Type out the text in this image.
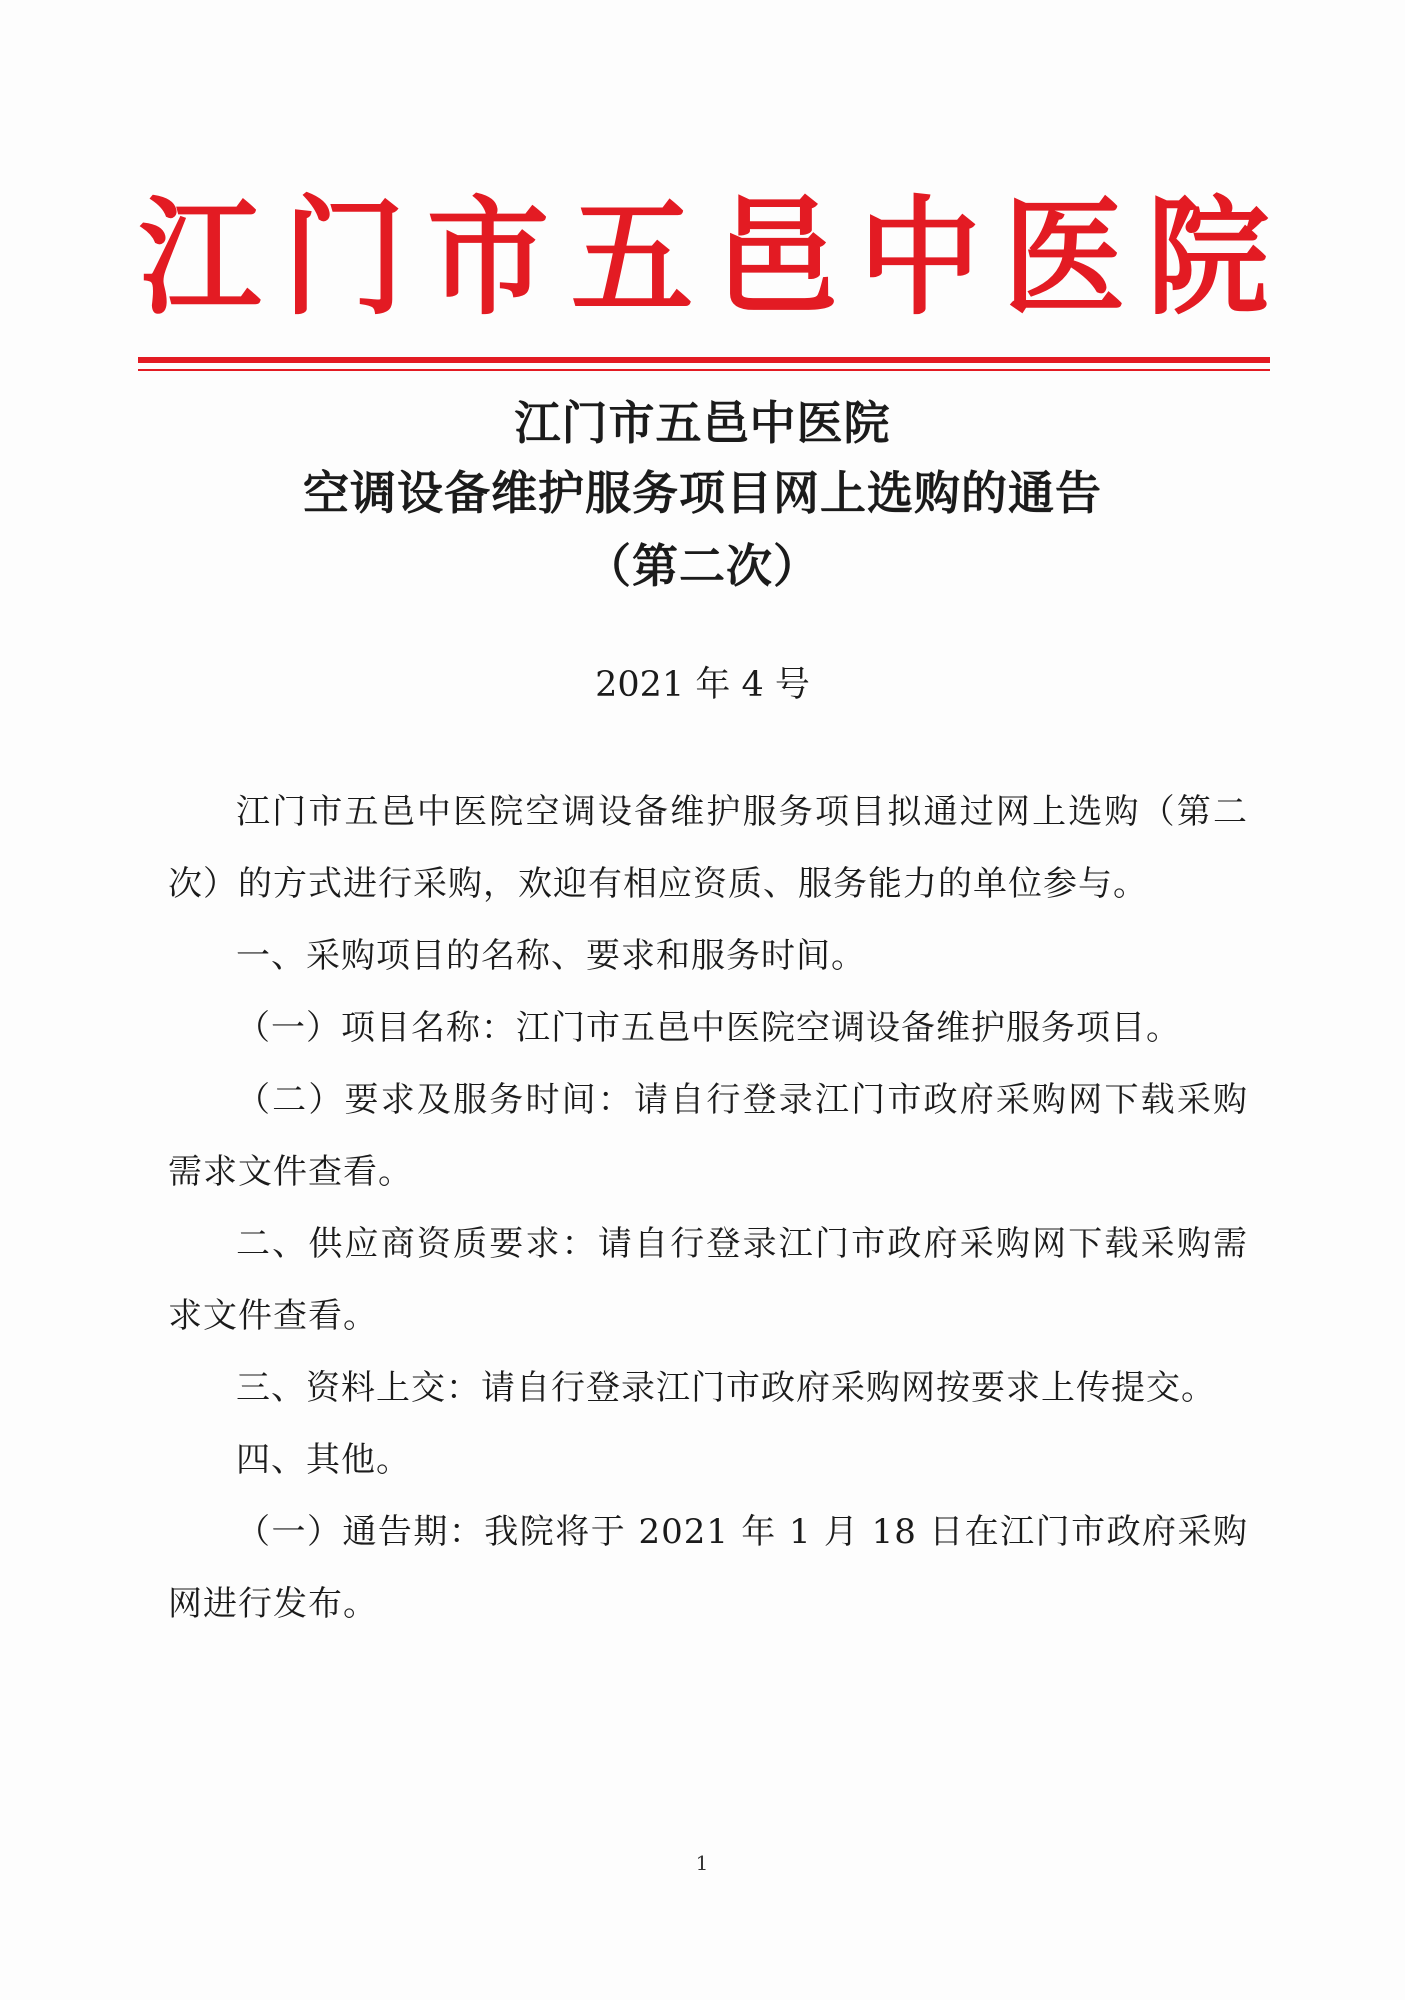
江 门 市 五 邑 中 医 院
江门市五邑中医院
空调设备维护服务项目网上选购的通告
（第二次）
2021 年 4 号

江门市五邑中医院空调设备维护服务项目拟通过网上选购（第二次）的方式进行采购，欢迎有相应资质、服务能力的单位参与。

一、采购项目的名称、要求和服务时间。

（一）项目名称：江门市五邑中医院空调设备维护服务项目。

（二）要求及服务时间：请自行登录江门市政府采购网下载采购需求文件查看。

二、供应商资质要求：请自行登录江门市政府采购网下载采购需求文件查看。

三、资料上交：请自行登录江门市政府采购网按要求上传提交。

四、其他。

（一）通告期：我院将于 2021 年 1 月 18 日在江门市政府采购网进行发布。

1
